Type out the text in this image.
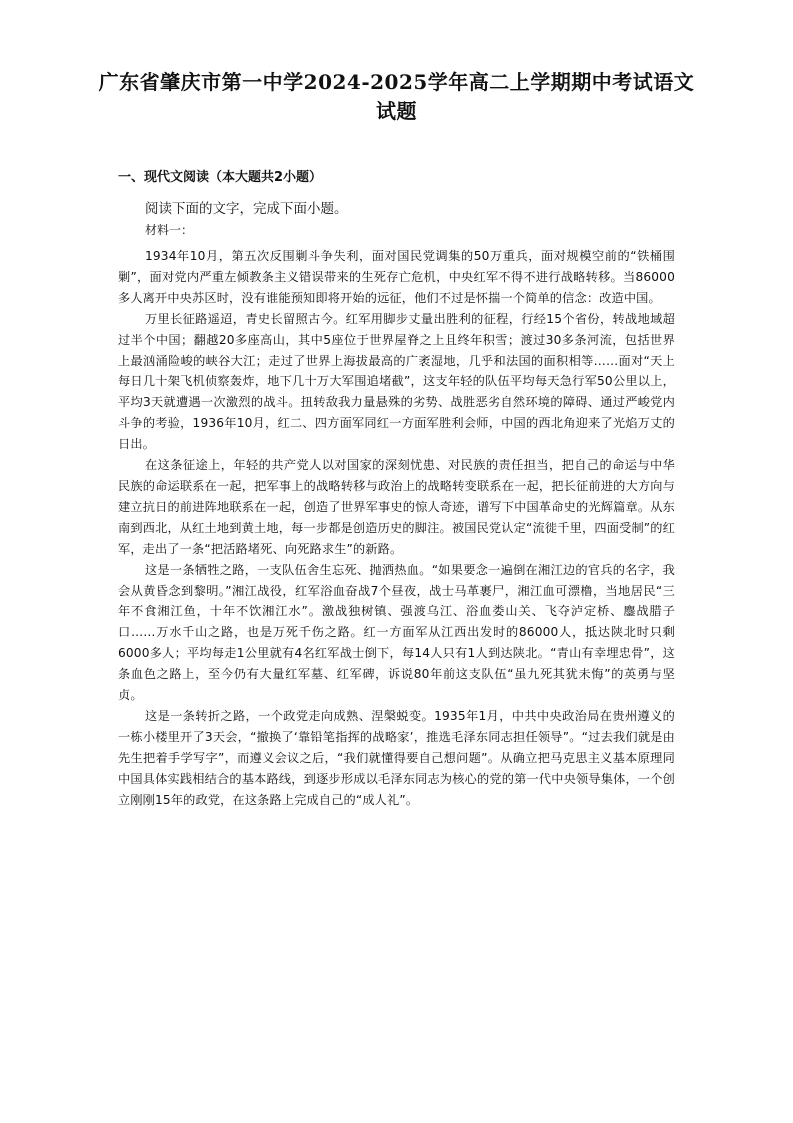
广东省肇庆市第一中学2024-2025学年高二上学期期中考试语文试题
一、现代文阅读（本大题共2小题）

阅读下面的文字，完成下面小题。

材料一：

1934年10月，第五次反围剿斗争失利，面对国民党调集的50万重兵，面对规模空前的“铁桶围剿”，面对党内严重左倾教条主义错误带来的生死存亡危机，中央红军不得不进行战略转移。当86000多人离开中央苏区时，没有谁能预知即将开始的远征，他们不过是怀揣一个简单的信念：改造中国。

万里长征路遥迢，青史长留照古今。红军用脚步丈量出胜利的征程，行经15个省份，转战地域超过半个中国；翻越20多座高山，其中5座位于世界屋脊之上且终年积雪；渡过30多条河流，包括世界上最汹涌险峻的峡谷大江；走过了世界上海拔最高的广袤湿地，几乎和法国的面积相等……面对“天上每日几十架飞机侦察轰炸，地下几十万大军围追堵截”，这支年轻的队伍平均每天急行军50公里以上，平均3天就遭遇一次激烈的战斗。扭转敌我力量悬殊的劣势、战胜恶劣自然环境的障碍、通过严峻党内斗争的考验，1936年10月，红二、四方面军同红一方面军胜利会师，中国的西北角迎来了光焰万丈的日出。

在这条征途上，年轻的共产党人以对国家的深刻忧患、对民族的责任担当，把自己的命运与中华民族的命运联系在一起，把军事上的战略转移与政治上的战略转变联系在一起，把长征前进的大方向与建立抗日的前进阵地联系在一起，创造了世界军事史的惊人奇迹，谱写下中国革命史的光辉篇章。从东南到西北，从红土地到黄土地，每一步都是创造历史的脚注。被国民党认定“流徙千里，四面受制”的红军，走出了一条“把活路堵死、向死路求生”的新路。

这是一条牺牲之路，一支队伍舍生忘死、抛洒热血。“如果要念一遍倒在湘江边的官兵的名字，我会从黄昏念到黎明。”湘江战役，红军浴血奋战7个昼夜，战士马革裹尸，湘江血可漂橹，当地居民“三年不食湘江鱼，十年不饮湘江水”。激战独树镇、强渡乌江、浴血娄山关、飞夺泸定桥、鏖战腊子口……万水千山之路，也是万死千伤之路。红一方面军从江西出发时的86000人，抵达陕北时只剩6000多人；平均每走1公里就有4名红军战士倒下，每14人只有1人到达陕北。“青山有幸埋忠骨”，这条血色之路上，至今仍有大量红军墓、红军碑，诉说80年前这支队伍“虽九死其犹未悔”的英勇与坚贞。

这是一条转折之路，一个政党走向成熟、涅槃蜕变。1935年1月，中共中央政治局在贵州遵义的一栋小楼里开了3天会，“撤换了‘靠铅笔指挥的战略家’，推选毛泽东同志担任领导”。“过去我们就是由先生把着手学写字”，而遵义会议之后，“我们就懂得要自己想问题”。从确立把马克思主义基本原理同中国具体实践相结合的基本路线，到逐步形成以毛泽东同志为核心的党的第一代中央领导集体，一个创立刚刚15年的政党，在这条路上完成自己的“成人礼”。
